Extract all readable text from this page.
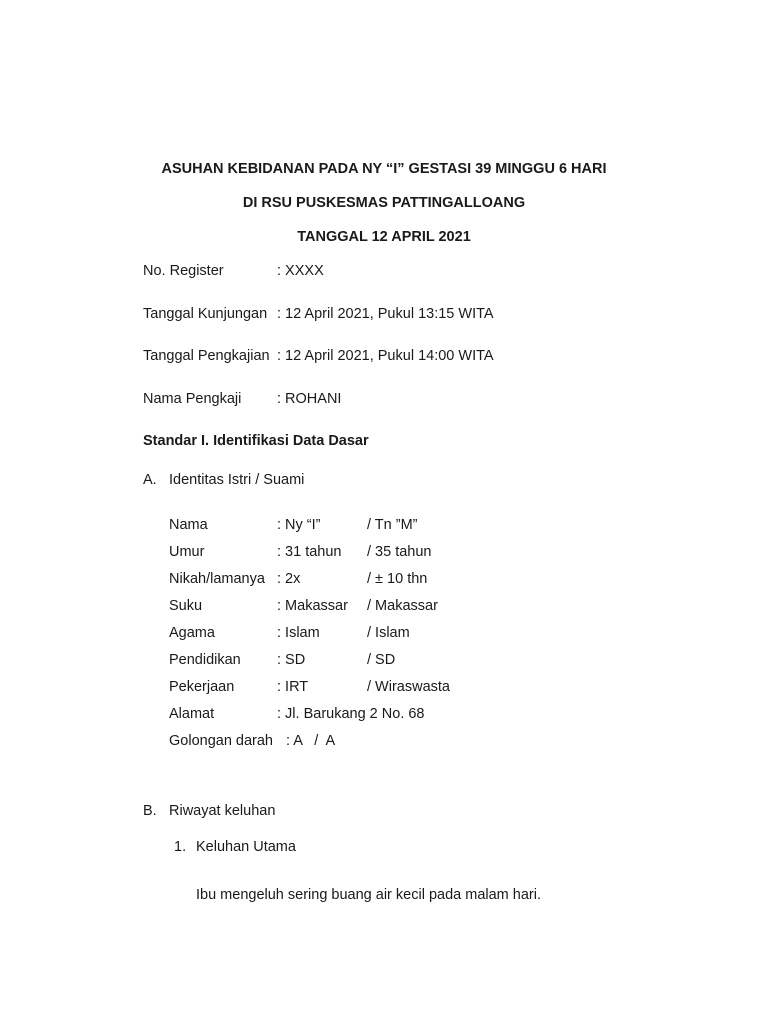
ASUHAN KEBIDANAN PADA NY “I” GESTASI 39 MINGGU 6 HARI
DI RSU PUSKESMAS PATTINGALLOANG
TANGGAL 12 APRIL 2021
No. Register	: XXXX
Tanggal Kunjungan : 12 April 2021, Pukul 13:15 WITA
Tanggal Pengkajian : 12 April 2021, Pukul 14:00 WITA
Nama Pengkaji : ROHANI
Standar I. Identifikasi Data Dasar
A. Identitas Istri / Suami
Nama	: Ny “I”	/ Tn ”M”
Umur	: 31 tahun / 35 tahun
Nikah/lamanya : 2x	/ ± 10 thn
Suku	: Makassar / Makassar
Agama	: Islam	/ Islam
Pendidikan	: SD	/ SD
Pekerjaan	: IRT	/ Wiraswasta
Alamat	: Jl. Barukang 2 No. 68
Golongan darah : A   /  A
B. Riwayat keluhan
1. Keluhan Utama
Ibu mengeluh sering buang air kecil pada malam hari.
